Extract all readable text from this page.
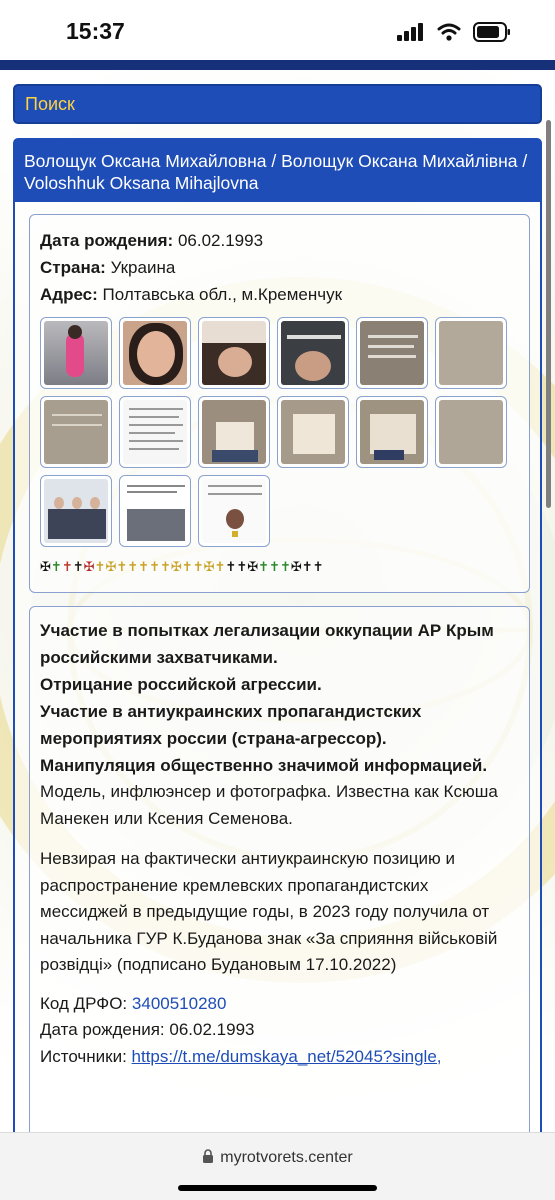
15:37
Поиск
Волощук Оксана Михайловна / Волощук Оксана Михайлівна / Voloshhuk Oksana Mihajlovna
Дата рождения: 06.02.1993
Страна: Украина
Адрес: Полтавська обл., м.Кременчук
✠✝✝✝✠✝✠✝✝✝✝✝✠✝✝✠✝✝✝✠✝✝✝✠✝✝
Участие в попытках легализации оккупации АР Крым российскими захватчиками.
Отрицание российской агрессии.
Участие в антиукраинских пропагандистских мероприятиях россии (страна-агрессор).
Манипуляция общественно значимой информацией.
Модель, инфлюэнсер и фотографка. Известна как Ксюша Манекен или Ксения Семенова.
Невзирая на фактически антиукраинскую позицию и распространение кремлевских пропагандистских мессиджей в предыдущие годы, в 2023 году получила от начальника ГУР К.Буданова знак «За сприяння військовій розвідці» (подписано Будановым 17.10.2022)
Код ДРФО: 3400510280
Дата рождения: 06.02.1993
Источники: https://t.me/dumskaya_net/52045?single,
myrotvorets.center
